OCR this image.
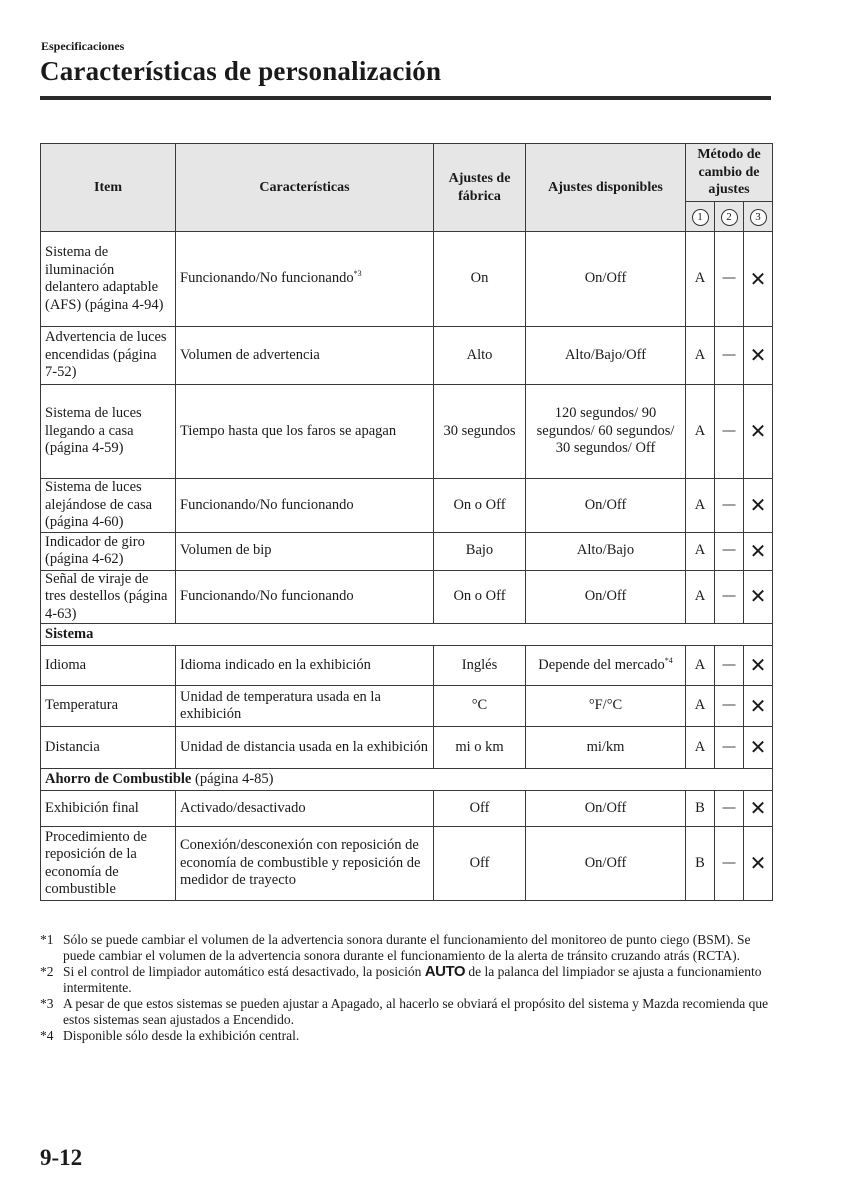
Especificaciones
Características de personalización
Item	Características	Ajustes de fábrica	Ajustes disponibles	Método de cambio de ajustes		
				1	2	3
Sistema de iluminación delantero adaptable (AFS) (página 4-94)	Funcionando/No funcionando$^{*3}$	On	On/Off	A	—	✕
Advertencia de luces encendidas (página 7-52)	Volumen de advertencia	Alto	Alto/Bajo/Off	A	—	✕
Sistema de luces llegando a casa (página 4-59)	Tiempo hasta que los faros se apagan	30 segundos	120 segundos/ 90 segundos/ 60 segundos/ 30 segundos/ Off	A	—	✕
Sistema de luces alejándose de casa (página 4-60)	Funcionando/No funcionando	On o Off	On/Off	A	—	✕
Indicador de giro (página 4-62)	Volumen de bip	Bajo	Alto/Bajo	A	—	✕
Señal de viraje de tres destellos (página 4-63)	Funcionando/No funcionando	On o Off	On/Off	A	—	✕
Sistema						
Idioma	Idioma indicado en la exhibición	Inglés	Depende del mercado$^{*4}$	A	—	✕
Temperatura	Unidad de temperatura usada en la exhibición	°C	°F/°C	A	—	✕
Distancia	Unidad de distancia usada en la exhibición	mi o km	mi/km	A	—	✕
Ahorro de Combustible (página 4-85)						
Exhibición final	Activado/desactivado	Off	On/Off	B	—	✕
Procedimiento de reposición de la economía de combustible	Conexión/desconexión con reposición de economía de combustible y reposición de medidor de trayecto	Off	On/Off	B	—	✕
*1 Sólo se puede cambiar el volumen de la advertencia sonora durante el funcionamiento del monitoreo de punto ciego (BSM). Se puede cambiar el volumen de la advertencia sonora durante el funcionamiento de la alerta de tránsito cruzando atrás (RCTA).
*2 Si el control de limpiador automático está desactivado, la posición AUTO de la palanca del limpiador se ajusta a funcionamiento intermitente.
*3 A pesar de que estos sistemas se pueden ajustar a Apagado, al hacerlo se obviará el propósito del sistema y Mazda recomienda que estos sistemas sean ajustados a Encendido.
*4 Disponible sólo desde la exhibición central.
9-12
